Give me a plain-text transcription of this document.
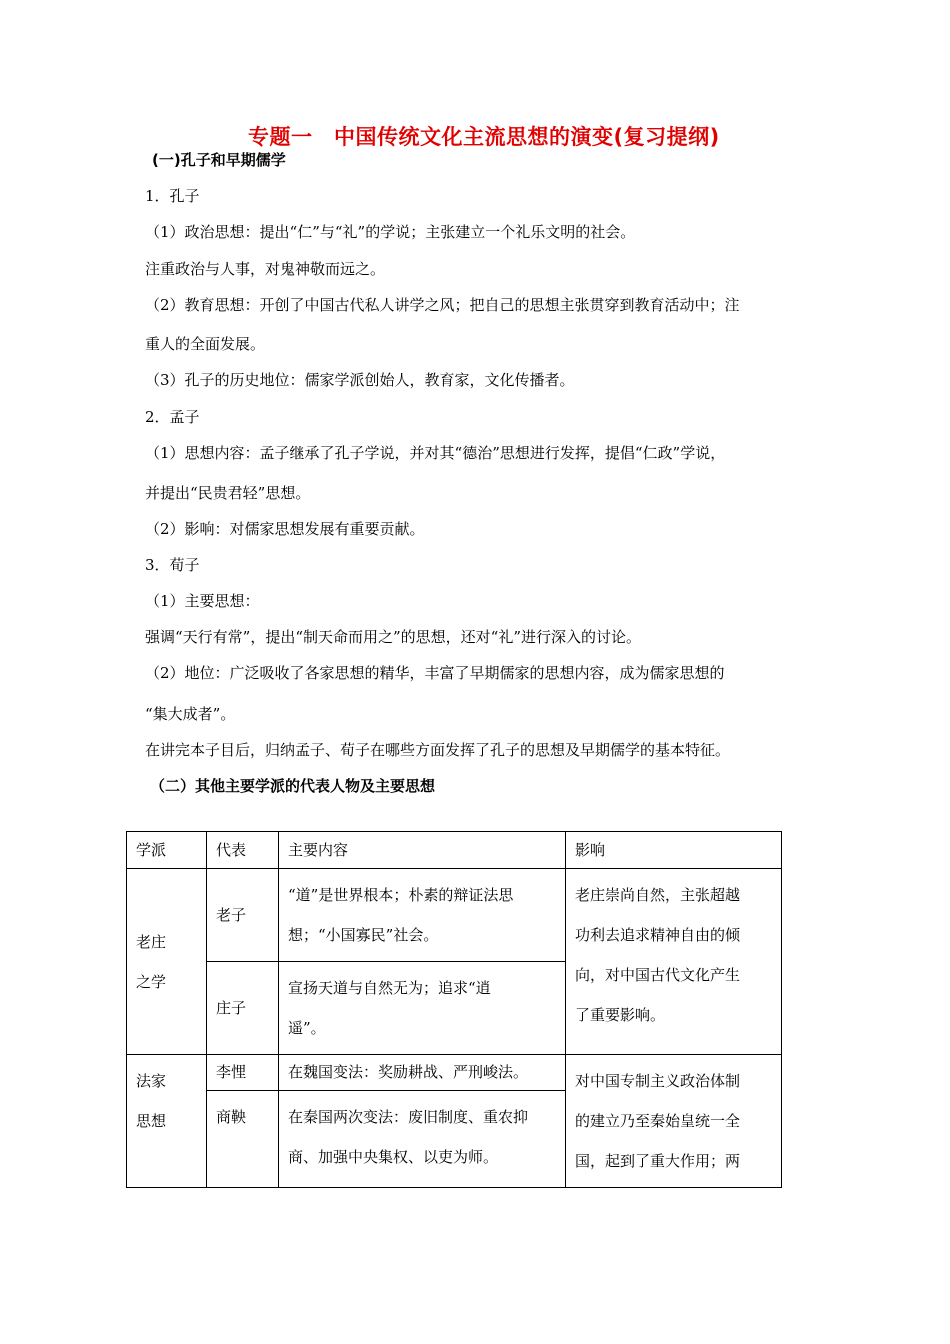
专题一　中国传统文化主流思想的演变(复习提纲)
(一)孔子和早期儒学
1．孔子
（1）政治思想：提出“仁”与“礼”的学说；主张建立一个礼乐文明的社会。
注重政治与人事，对鬼神敬而远之。
（2）教育思想：开创了中国古代私人讲学之风；把自己的思想主张贯穿到教育活动中；注
重人的全面发展。
（3）孔子的历史地位：儒家学派创始人，教育家，文化传播者。
2．孟子
（1）思想内容：孟子继承了孔子学说，并对其“德治”思想进行发挥，提倡“仁政”学说，
并提出“民贵君轻”思想。
（2）影响：对儒家思想发展有重要贡献。
3．荀子
（1）主要思想：
强调“天行有常”，提出“制天命而用之”的思想，还对“礼”进行深入的讨论。
（2）地位：广泛吸收了各家思想的精华，丰富了早期儒家的思想内容，成为儒家思想的
“集大成者”。
在讲完本子目后，归纳孟子、荀子在哪些方面发挥了孔子的思想及早期儒学的基本特征。
（二）其他主要学派的代表人物及主要思想
学派	代表	主要内容	影响

老庄
之学	老子	“道”是世界根本；朴素的辩证法思
想；“小国寡民”社会。	老庄崇尚自然，主张超越
功利去追求精神自由的倾
向，对中国古代文化产生
了重要影响。

	庄子	宣扬天道与自然无为；追求“逍
遥”。	

法家
思想	李悝	在魏国变法：奖励耕战、严刑峻法。	对中国专制主义政治体制
的建立乃至秦始皇统一全
国，起到了重大作用；两

	商鞅	在秦国两次变法：废旧制度、重农抑
商、加强中央集权、以吏为师。	
